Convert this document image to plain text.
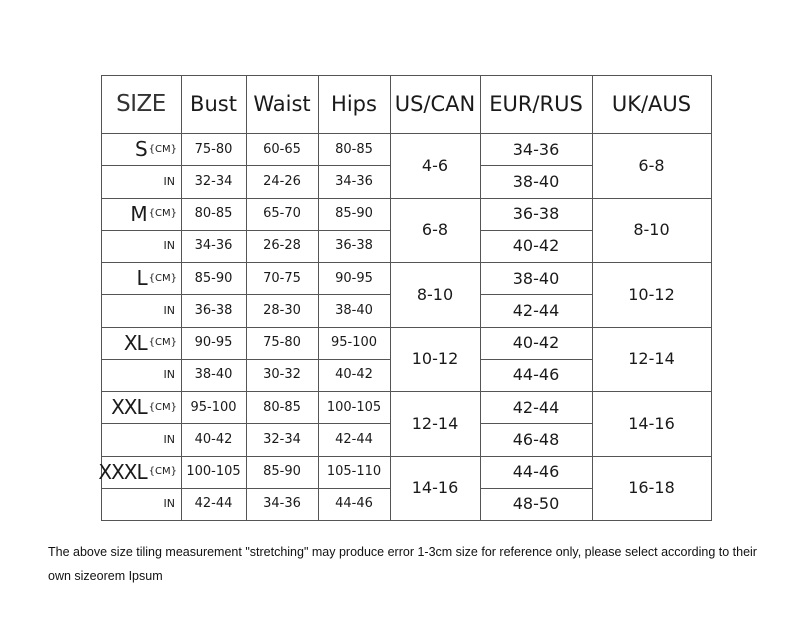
SIZE	Bust Waist Hips US/CAN EUR/RUS	UK/AUS
S {CM}
IN
75-80
32-34
60-65
24-26
80-85
34-36
4-6
34-36
38-40
6-8
M {CM}
IN
80-85
34-36
65-70
26-28
85-90
36-38
6-8
36-38
40-42
8-10
L {CM}
IN
85-90
36-38
70-75
28-30
90-95
38-40
8-10
38-40
42-44
10-12
XL {CM}
IN
90-95
38-40
75-80
30-32
95-100
40-42
10-12
40-42
44-46
12-14
XXL {CM}
IN
95-100
40-42
80-85
32-34
100-105
42-44
12-14
42-44
46-48
14-16
XXXL {CM}
IN
100-105
42-44
85-90
34-36
105-110
44-46
14-16
44-46
48-50
16-18
The above size tiling measurement "stretching" may produce error 1-3cm size for reference only, please select according to their own sizeorem Ipsum
